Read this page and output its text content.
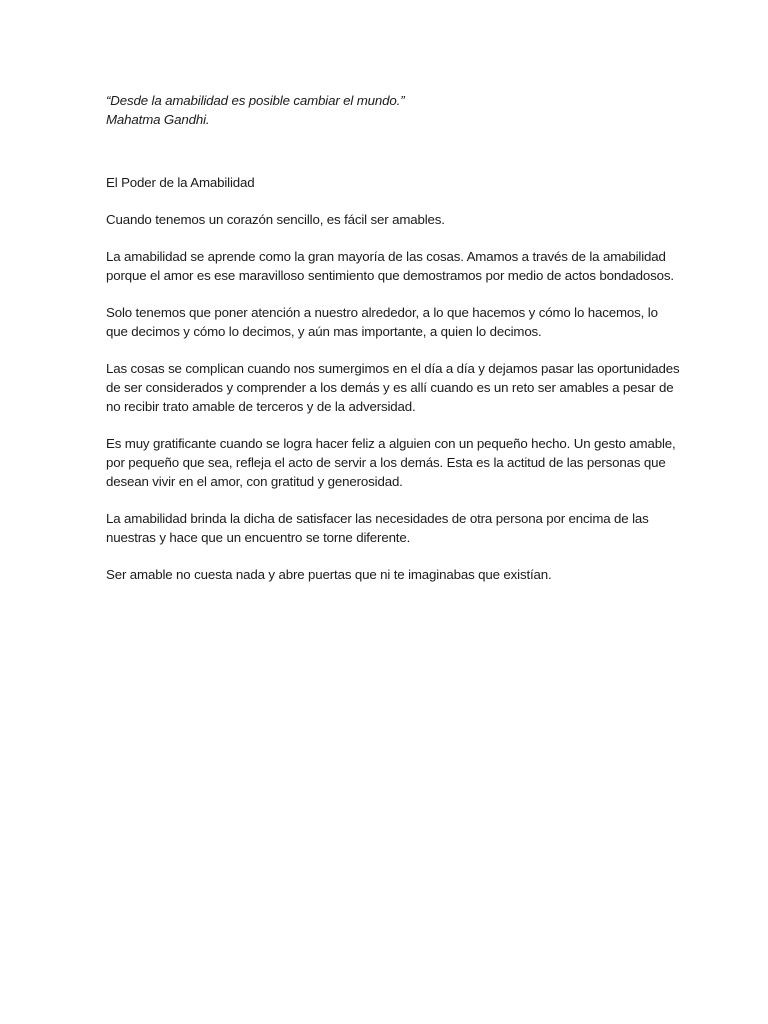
“Desde la amabilidad es posible cambiar el mundo.”
Mahatma Gandhi.
El Poder de la Amabilidad
Cuando tenemos un corazón sencillo, es fácil ser amables.
La amabilidad se aprende como la gran mayoría de las cosas. Amamos a través de la amabilidad
porque el amor es ese maravilloso sentimiento que demostramos por medio de actos bondadosos.
Solo tenemos que poner atención a nuestro alrededor, a lo que hacemos y cómo lo hacemos, lo
que decimos y cómo lo decimos, y aún mas importante, a quien lo decimos.
Las cosas se complican cuando nos sumergimos en el día a día y dejamos pasar las oportunidades
de ser considerados y comprender a los demás y es allí cuando es un reto ser amables a pesar de
no recibir trato amable de terceros y de la adversidad.
Es muy gratificante cuando se logra hacer feliz a alguien con un pequeño hecho. Un gesto amable,
por pequeño que sea, refleja el acto de servir a los demás. Esta es la actitud de las personas que
desean vivir en el amor, con gratitud y generosidad.
La amabilidad brinda la dicha de satisfacer las necesidades de otra persona por encima de las
nuestras y hace que un encuentro se torne diferente.
Ser amable no cuesta nada y abre puertas que ni te imaginabas que existían.
